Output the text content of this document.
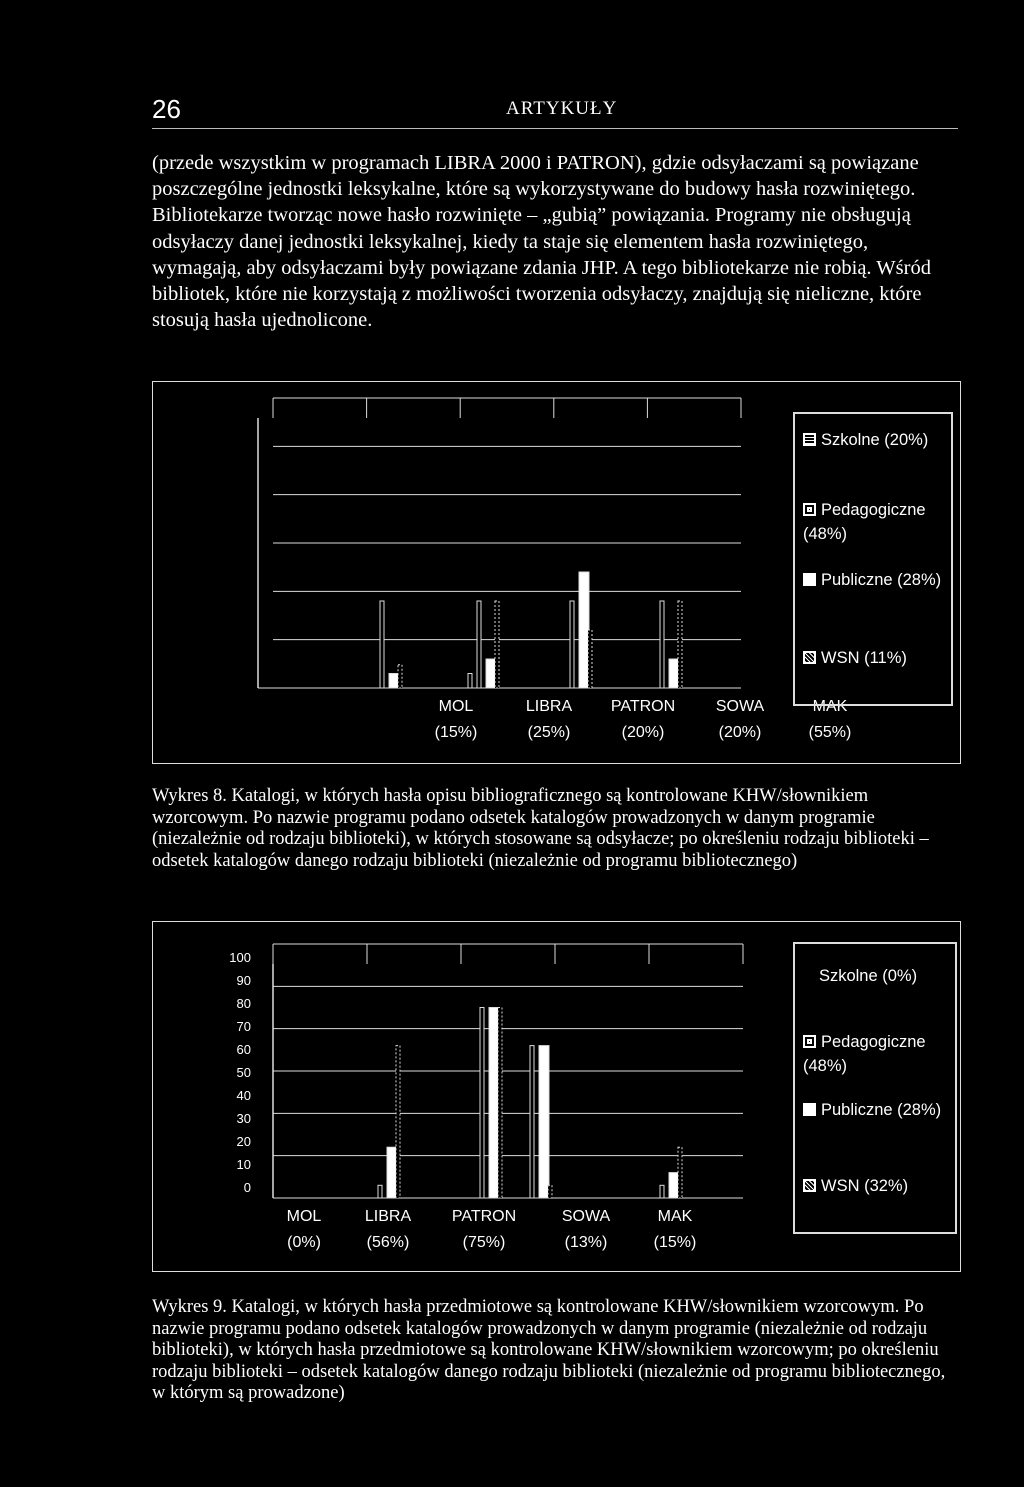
26	ARTYKUŁY
(przede wszystkim w programach LIBRA 2000 i PATRON), gdzie odsyłaczami są powiązane poszczególne jednostki leksykalne, które są wykorzystywane do budowy hasła rozwiniętego. Bibliotekarze tworząc nowe hasło rozwinięte – „gubią” powiązania. Programy nie obsługują odsyłaczy danej jednostki leksykalnej, kiedy ta staje się elementem hasła rozwiniętego, wymagają, aby odsyłaczami były powiązane zdania JHP. A tego bibliotekarze nie robią. Wśród bibliotek, które nie korzystają z możliwości tworzenia odsyłaczy, znajdują się nieliczne, które stosują hasła ujednolicone.
MOL
(15%)
LIBRA
(25%)
PATRON
(20%)
SOWA
(20%)
MAK
(55%)
Szkolne (20%)
Pedagogiczne (48%)
Publiczne (28%)
WSN (11%)
Wykres 8. Katalogi, w których hasła opisu bibliograficznego są kontrolowane KHW/słownikiem wzorcowym. Po nazwie programu podano odsetek katalogów prowadzonych w danym programie (niezależnie od rodzaju biblioteki), w których stosowane są odsyłacze; po określeniu rodzaju biblioteki – odsetek katalogów danego rodzaju biblioteki (niezależnie od programu bibliotecznego)
100
90
80
70
60
50
40
30
20
10
0
MOL
(0%)
LIBRA
(56%)
PATRON
(75%)
SOWA
(13%)
MAK
(15%)
Szkolne (0%)
Pedagogiczne (48%)
Publiczne (28%)
WSN (32%)
Wykres 9. Katalogi, w których hasła przedmiotowe są kontrolowane KHW/słownikiem wzorcowym. Po nazwie programu podano odsetek katalogów prowadzonych w danym programie (niezależnie od rodzaju biblioteki), w których hasła przedmiotowe są kontrolowane KHW/słownikiem wzorcowym; po określeniu rodzaju biblioteki – odsetek katalogów danego rodzaju biblioteki (niezależnie od programu bibliotecznego, w którym są prowadzone)
